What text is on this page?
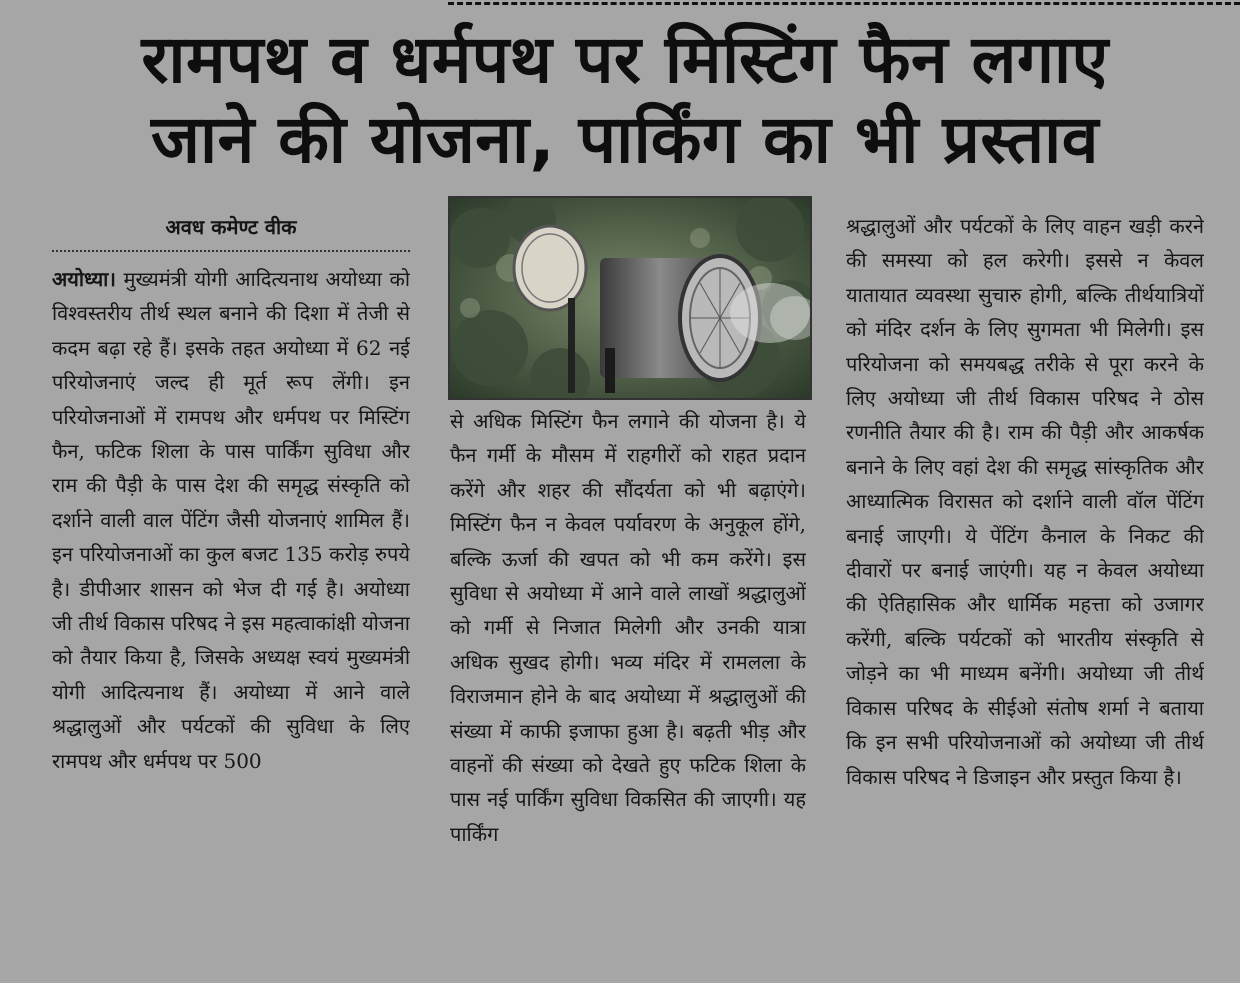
रामपथ व धर्मपथ पर मिस्टिंग फैन लगाए
जाने की योजना, पार्किंग का भी प्रस्ताव
अवध कमेण्ट वीक

अयोध्या। मुख्यमंत्री योगी आदित्यनाथ अयोध्या को विश्वस्तरीय तीर्थ स्थल बनाने की दिशा में तेजी से कदम बढ़ा रहे हैं। इसके तहत अयोध्या में 62 नई परियोजनाएं जल्द ही मूर्त रूप लेंगी। इन परियोजनाओं में रामपथ और धर्मपथ पर मिस्टिंग फैन, फटिक शिला के पास पार्किंग सुविधा और राम की पैड़ी के पास देश की समृद्ध संस्कृति को दर्शाने वाली वाल पेंटिंग जैसी योजनाएं शामिल हैं। इन परियोजनाओं का कुल बजट 135 करोड़ रुपये है। डीपीआर शासन को भेज दी गई है। अयोध्या जी तीर्थ विकास परिषद ने इस महत्वाकांक्षी योजना को तैयार किया है, जिसके अध्यक्ष स्वयं मुख्यमंत्री योगी आदित्यनाथ हैं। अयोध्या में आने वाले श्रद्धालुओं और पर्यटकों की सुविधा के लिए रामपथ और धर्मपथ पर 500

से अधिक मिस्टिंग फैन लगाने की योजना है। ये फैन गर्मी के मौसम में राहगीरों को राहत प्रदान करेंगे और शहर की सौंदर्यता को भी बढ़ाएंगे। मिस्टिंग फैन न केवल पर्यावरण के अनुकूल होंगे, बल्कि ऊर्जा की खपत को भी कम करेंगे। इस सुविधा से अयोध्या में आने वाले लाखों श्रद्धालुओं को गर्मी से निजात मिलेगी और उनकी यात्रा अधिक सुखद होगी। भव्य मंदिर में रामलला के विराजमान होने के बाद अयोध्या में श्रद्धालुओं की संख्या में काफी इजाफा हुआ है। बढ़ती भीड़ और वाहनों की संख्या को देखते हुए फटिक शिला के पास नई पार्किंग सुविधा विकसित की जाएगी। यह पार्किंग

श्रद्धालुओं और पर्यटकों के लिए वाहन खड़ी करने की समस्या को हल करेगी। इससे न केवल यातायात व्यवस्था सुचारु होगी, बल्कि तीर्थयात्रियों को मंदिर दर्शन के लिए सुगमता भी मिलेगी। इस परियोजना को समयबद्ध तरीके से पूरा करने के लिए अयोध्या जी तीर्थ विकास परिषद ने ठोस रणनीति तैयार की है। राम की पैड़ी और आकर्षक बनाने के लिए वहां देश की समृद्ध सांस्कृतिक और आध्यात्मिक विरासत को दर्शाने वाली वॉल पेंटिंग बनाई जाएगी। ये पेंटिंग कैनाल के निकट की दीवारों पर बनाई जाएंगी। यह न केवल अयोध्या की ऐतिहासिक और धार्मिक महत्ता को उजागर करेंगी, बल्कि पर्यटकों को भारतीय संस्कृति से जोड़ने का भी माध्यम बनेंगी। अयोध्या जी तीर्थ विकास परिषद के सीईओ संतोष शर्मा ने बताया कि इन सभी परियोजनाओं को अयोध्या जी तीर्थ विकास परिषद ने डिजाइन और प्रस्तुत किया है।
